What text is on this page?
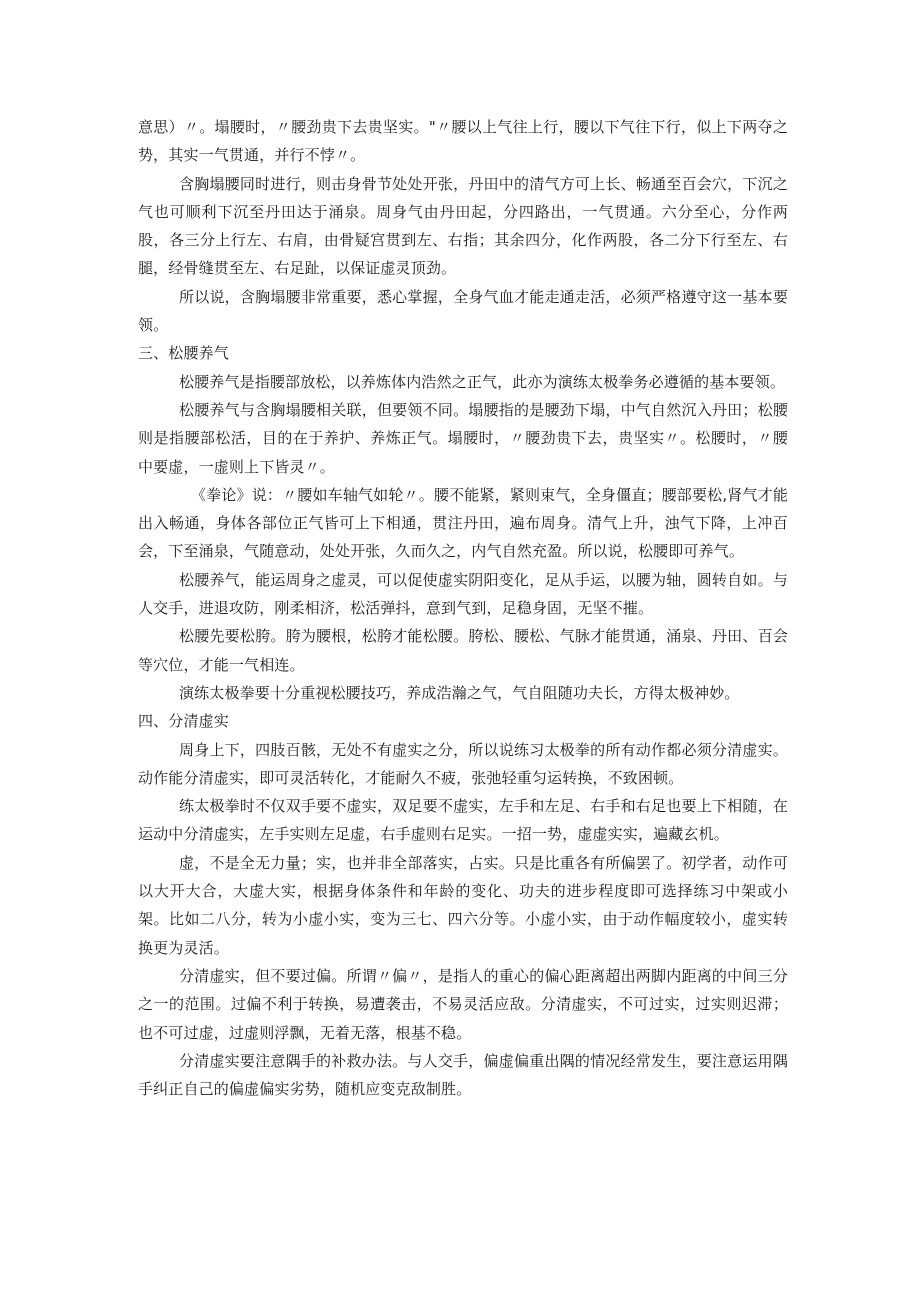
意思）〃。塌腰时，〃腰劲贵下去贵坚实。"〃腰以上气往上行，腰以下气往下行，似上下两夺之势，其实一气贯通，并行不悖〃。

含胸塌腰同时进行，则击身骨节处处开张，丹田中的清气方可上长、畅通至百会穴，下沉之气也可顺利下沉至丹田达于涌泉。周身气由丹田起，分四路出，一气贯通。六分至心，分作两股，各三分上行左、右肩，由骨疑宫贯到左、右指；其余四分，化作两股，各二分下行至左、右腿，经骨缝贯至左、右足趾，以保证虚灵顶劲。

所以说，含胸塌腰非常重要，悉心掌握，全身气血才能走通走活，必须严格遵守这一基本要领。

三、松腰养气

松腰养气是指腰部放松，以养炼体内浩然之正气，此亦为演练太极拳务必遵循的基本要领。

松腰养气与含胸塌腰相关联，但要领不同。塌腰指的是腰劲下塌，中气自然沉入丹田；松腰则是指腰部松活，目的在于养护、养炼正气。塌腰时，〃腰劲贵下去，贵坚实〃。松腰时，〃腰中要虚，一虚则上下皆灵〃。

《拳论》说：〃腰如车轴气如轮〃。腰不能紧，紧则束气，全身僵直；腰部要松,肾气才能出入畅通，身体各部位正气皆可上下相通，贯注丹田，遍布周身。清气上升，浊气下降，上冲百会，下至涌泉，气随意动，处处开张，久而久之，内气自然充盈。所以说，松腰即可养气。

松腰养气，能运周身之虚灵，可以促使虚实阴阳变化，足从手运，以腰为轴，圆转自如。与人交手，进退攻防，刚柔相济，松活弹抖，意到气到，足稳身固，无坚不摧。

松腰先要松胯。胯为腰根，松胯才能松腰。胯松、腰松、气脉才能贯通，涌泉、丹田、百会等穴位，才能一气相连。

演练太极拳要十分重视松腰技巧，养成浩瀚之气，气自阻随功夫长，方得太极神妙。

四、分清虚实

周身上下，四肢百骸，无处不有虚实之分，所以说练习太极拳的所有动作都必须分清虚实。动作能分清虚实，即可灵活转化，才能耐久不疲，张弛轻重匀运转换，不致困顿。

练太极拳时不仅双手要不虚实，双足要不虚实，左手和左足、右手和右足也要上下相随，在运动中分清虚实，左手实则左足虚，右手虚则右足实。一招一势，虚虚实实，遍藏玄机。

虚，不是全无力量；实，也并非全部落实，占实。只是比重各有所偏罢了。初学者，动作可以大开大合，大虚大实，根据身体条件和年龄的变化、功夫的进步程度即可选择练习中架或小架。比如二八分，转为小虚小实，变为三七、四六分等。小虚小实，由于动作幅度较小，虚实转换更为灵活。

分清虚实，但不要过偏。所谓〃偏〃，是指人的重心的偏心距离超出两脚内距离的中间三分之一的范围。过偏不利于转换，易遭袭击，不易灵活应敌。分清虚实，不可过实，过实则迟滞；也不可过虚，过虚则浮飘，无着无落，根基不稳。

分清虚实要注意隅手的补救办法。与人交手，偏虚偏重出隅的情况经常发生，要注意运用隅手纠正自己的偏虚偏实劣势，随机应变克敌制胜。
